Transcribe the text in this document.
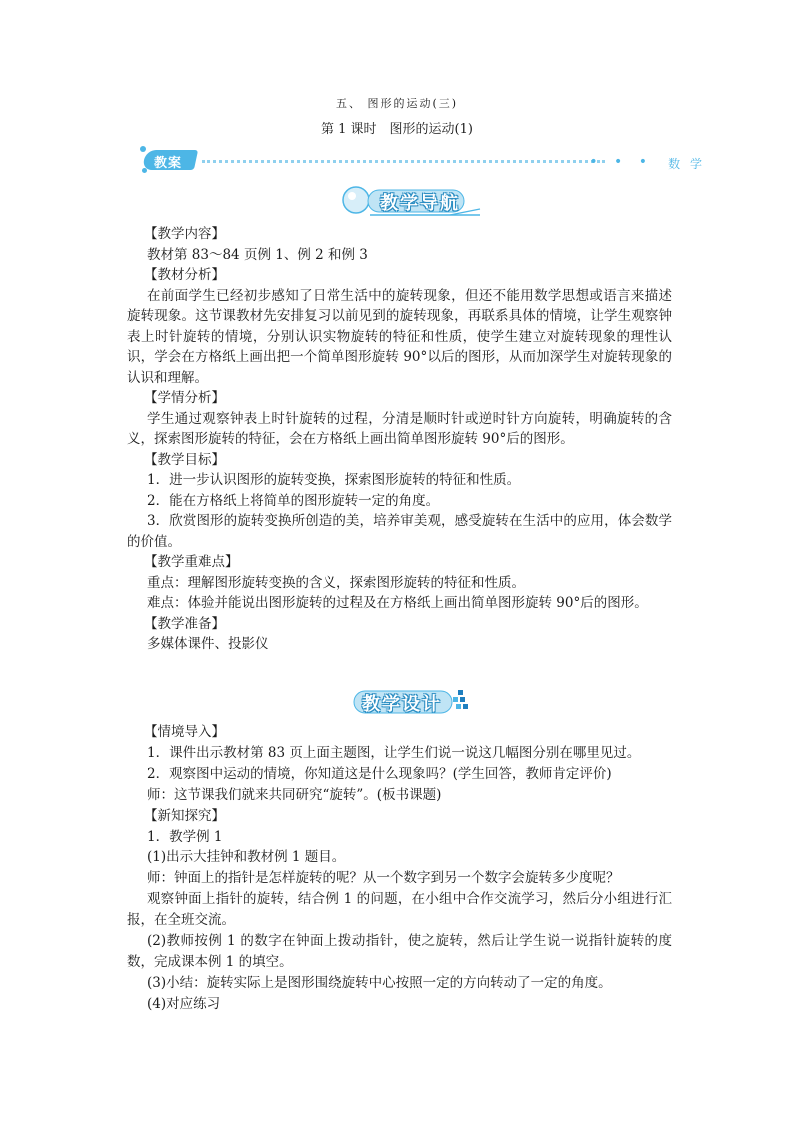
五、 图形的运动(三)
第 1 课时　图形的运动(1)
教案	• • • 数 学
教学导航

【教学内容】

教材第 83～84 页例 1、例 2 和例 3

【教材分析】

在前面学生已经初步感知了日常生活中的旋转现象，但还不能用数学思想或语言来描述旋转现象。这节课教材先安排复习以前见到的旋转现象，再联系具体的情境，让学生观察钟表上时针旋转的情境，分别认识实物旋转的特征和性质，使学生建立对旋转现象的理性认识，学会在方格纸上画出把一个简单图形旋转 90°以后的图形，从而加深学生对旋转现象的认识和理解。

【学情分析】

学生通过观察钟表上时针旋转的过程，分清是顺时针或逆时针方向旋转，明确旋转的含义，探索图形旋转的特征，会在方格纸上画出简单图形旋转 90°后的图形。

【教学目标】

1．进一步认识图形的旋转变换，探索图形旋转的特征和性质。

2．能在方格纸上将简单的图形旋转一定的角度。

3．欣赏图形的旋转变换所创造的美，培养审美观，感受旋转在生活中的应用，体会数学的价值。

【教学重难点】

重点：理解图形旋转变换的含义，探索图形旋转的特征和性质。

难点：体验并能说出图形旋转的过程及在方格纸上画出简单图形旋转 90°后的图形。

【教学准备】

多媒体课件、投影仪

教学设计

【情境导入】

1．课件出示教材第 83 页上面主题图，让学生们说一说这几幅图分别在哪里见过。

2．观察图中运动的情境，你知道这是什么现象吗？(学生回答，教师肯定评价)

师：这节课我们就来共同研究“旋转”。(板书课题)

【新知探究】

1．教学例 1

(1)出示大挂钟和教材例 1 题目。

师：钟面上的指针是怎样旋转的呢？从一个数字到另一个数字会旋转多少度呢？

观察钟面上指针的旋转，结合例 1 的问题，在小组中合作交流学习，然后分小组进行汇报，在全班交流。

(2)教师按例 1 的数字在钟面上拨动指针，使之旋转，然后让学生说一说指针旋转的度数，完成课本例 1 的填空。

(3)小结：旋转实际上是图形围绕旋转中心按照一定的方向转动了一定的角度。

(4)对应练习
